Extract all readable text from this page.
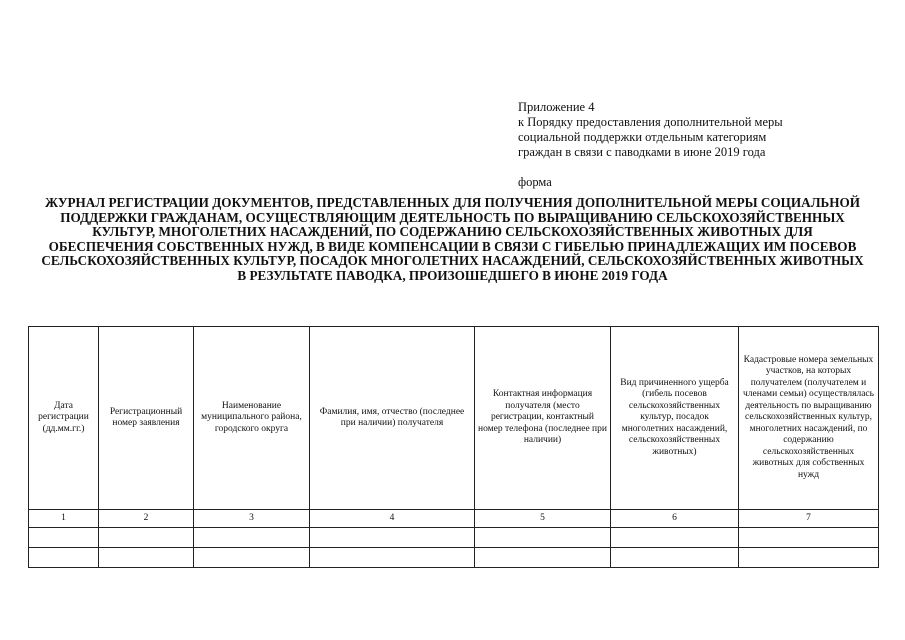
Приложение 4
к Порядку предоставления дополнительной меры
социальной поддержки отдельным категориям
граждан в связи с паводками в июне 2019 года
форма
ЖУРНАЛ РЕГИСТРАЦИИ ДОКУМЕНТОВ, ПРЕДСТАВЛЕННЫХ ДЛЯ ПОЛУЧЕНИЯ ДОПОЛНИТЕЛЬНОЙ МЕРЫ СОЦИАЛЬНОЙ ПОДДЕРЖКИ ГРАЖДАНАМ, ОСУЩЕСТВЛЯЮЩИМ ДЕЯТЕЛЬНОСТЬ ПО ВЫРАЩИВАНИЮ СЕЛЬСКОХОЗЯЙСТВЕННЫХ КУЛЬТУР, МНОГОЛЕТНИХ НАСАЖДЕНИЙ, ПО СОДЕРЖАНИЮ СЕЛЬСКОХОЗЯЙСТВЕННЫХ ЖИВОТНЫХ ДЛЯ ОБЕСПЕЧЕНИЯ СОБСТВЕННЫХ НУЖД, В ВИДЕ КОМПЕНСАЦИИ В СВЯЗИ С ГИБЕЛЬЮ ПРИНАДЛЕЖАЩИХ ИМ ПОСЕВОВ СЕЛЬСКОХОЗЯЙСТВЕННЫХ КУЛЬТУР, ПОСАДОК МНОГОЛЕТНИХ НАСАЖДЕНИЙ, СЕЛЬСКОХОЗЯЙСТВЕННЫХ ЖИВОТНЫХ В РЕЗУЛЬТАТЕ ПАВОДКА, ПРОИЗОШЕДШЕГО В ИЮНЕ 2019 ГОДА
Дата регистрации (дд.мм.гг.)	Регистрационный номер заявления	Наименование муниципального района, городского округа	Фамилия, имя, отчество (последнее при наличии) получателя	Контактная информация получателя (место регистрации, контактный номер телефона (последнее при наличии)	Вид причиненного ущерба (гибель посевов сельскохозяйственных культур, посадок многолетних насаждений, сельскохозяйственных животных)	Кадастровые номера земельных участков, на которых получателем (получателем и членами семьи) осуществлялась деятельность по выращиванию сельскохозяйственных культур, многолетних насаждений, по содержанию сельскохозяйственных животных для собственных нужд
1	2	3	4	5	6	7
